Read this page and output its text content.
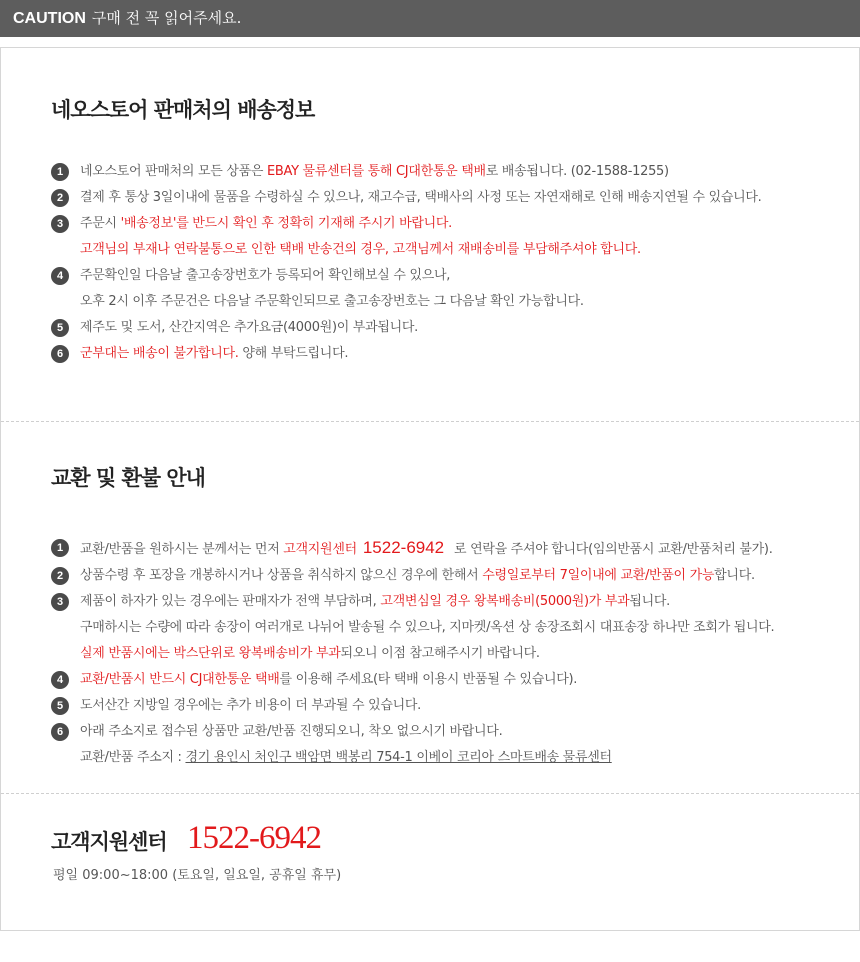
CAUTION 구매 전 꼭 읽어주세요.
네오스토어 판매처의 배송정보
1	네오스토어 판매처의 모든 상품은 EBAY 물류센터를 통해 CJ대한통운 택배로 배송됩니다. (02-1588-1255)
2	결제 후 통상 3일이내에 물품을 수령하실 수 있으나, 재고수급, 택배사의 사정 또는 자연재해로 인해 배송지연될 수 있습니다.
3	주문시 '배송정보'를 반드시 확인 후 정확히 기재해 주시기 바랍니다.
고객님의 부재나 연락불통으로 인한 택배 반송건의 경우, 고객님께서 재배송비를 부담해주셔야 합니다.
4	주문확인일 다음날 출고송장번호가 등록되어 확인해보실 수 있으나,
오후 2시 이후 주문건은 다음날 주문확인되므로 출고송장번호는 그 다음날 확인 가능합니다.
5	제주도 및 도서, 산간지역은 추가요금(4000원)이 부과됩니다.
6	군부대는 배송이 불가합니다. 양해 부탁드립니다.
교환 및 환불 안내
1	교환/반품을 원하시는 분께서는 먼저 고객지원센터 1522-6942 로 연락을 주셔야 합니다(임의반품시 교환/반품처리 불가).
2	상품수령 후 포장을 개봉하시거나 상품을 취식하지 않으신 경우에 한해서 수령일로부터 7일이내에 교환/반품이 가능합니다.
3	제품이 하자가 있는 경우에는 판매자가 전액 부담하며, 고객변심일 경우 왕복배송비(5000원)가 부과됩니다.
구매하시는 수량에 따라 송장이 여러개로 나뉘어 발송될 수 있으나, 지마켓/옥션 상 송장조회시 대표송장 하나만 조회가 됩니다.
실제 반품시에는 박스단위로 왕복배송비가 부과되오니 이점 참고해주시기 바랍니다.
4	교환/반품시 반드시 CJ대한통운 택배를 이용해 주세요(타 택배 이용시 반품될 수 있습니다).
5	도서산간 지방일 경우에는 추가 비용이 더 부과될 수 있습니다.
6	아래 주소지로 접수된 상품만 교환/반품 진행되오니, 착오 없으시기 바랍니다.
교환/반품 주소지 : 경기 용인시 처인구 백암면 백봉리 754-1 이베이 코리아 스마트배송 물류센터
고객지원센터 1522-6942
평일 09:00~18:00 (토요일, 일요일, 공휴일 휴무)
